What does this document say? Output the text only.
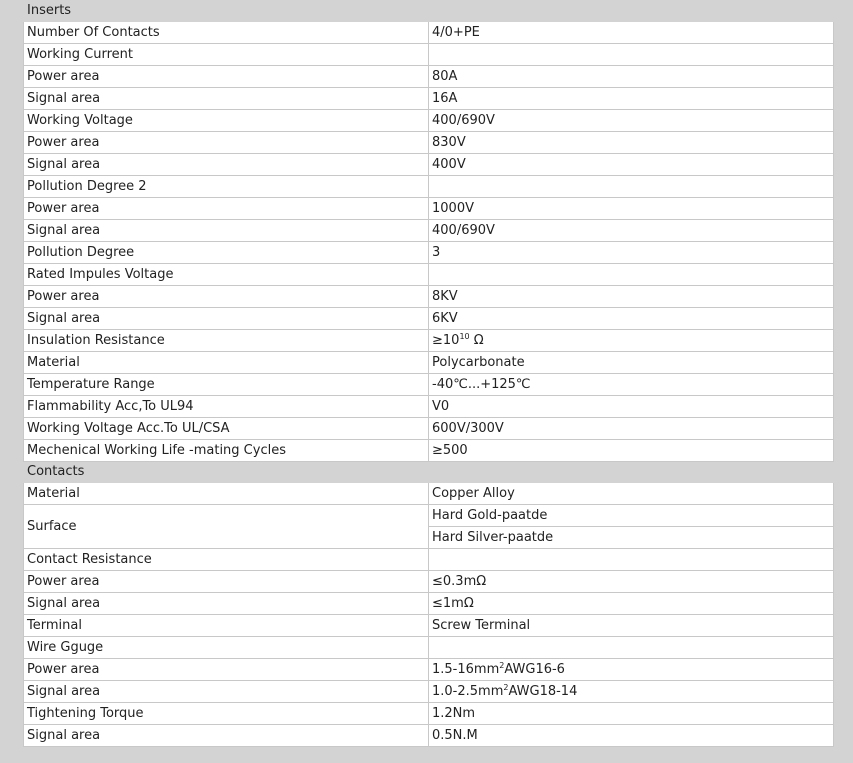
Inserts	
Number Of Contacts	4/0+PE
Working Current	
Power area	80A
Signal area	16A
Working Voltage	400/690V
Power area	830V
Signal area	400V
Pollution Degree 2	
Power area	1000V
Signal area	400/690V
Pollution Degree	3
Rated Impules Voltage	
Power area	8KV
Signal area	6KV
Insulation Resistance	$\ge 10^{10}$ Ω
Material	Polycarbonate
Temperature Range	-40℃...+125℃
Flammability Acc,To UL94	V0
Working Voltage Acc.To UL/CSA	600V/300V
Mechenical Working Life -mating Cycles	≥500
Contacts	
Material	Copper Alloy
Surface	Hard Gold-paatde
	Hard Silver-paatde
Contact Resistance	
Power area	≤0.3mΩ
Signal area	≤1mΩ
Terminal	Screw Terminal
Wire Gguge	
Power area	$1.5-16mm^2AWG16-6$
Signal area	$1.0-2.5mm^2AWG18-14$
Tightening Torque	1.2Nm
Signal area	0.5N.M
